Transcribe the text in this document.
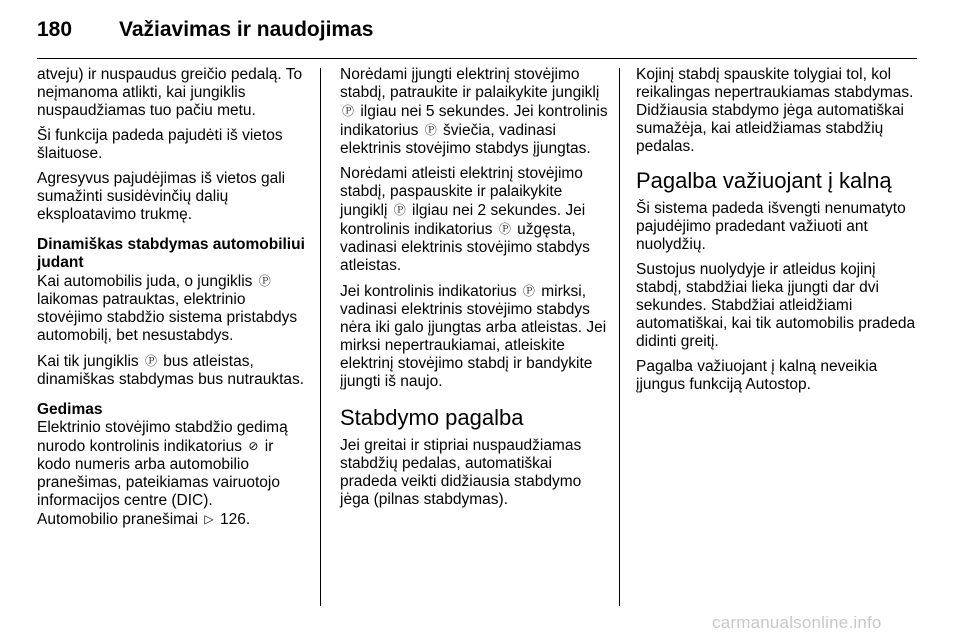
180 Važiavimas ir naudojimas

atveju) ir nuspaudus greičio pedalą. To neįmanoma atlikti, kai jungiklis nuspaudžiamas tuo pačiu metu.

Ši funkcija padeda pajudėti iš vietos šlaituose.

Agresyvus pajudėjimas iš vietos gali sumažinti susidėvinčių dalių eksploatavimo trukmę.

Dinamiškas stabdymas automobiliui judant

Kai automobilis juda, o jungiklis Ⓟ laikomas patrauktas, elektrinio stovėjimo stabdžio sistema pristabdys automobilį, bet nesustabdys.

Kai tik jungiklis Ⓟ bus atleistas, dinamiškas stabdymas bus nutrauktas.

Gedimas

Elektrinio stovėjimo stabdžio gedimą nurodo kontrolinis indikatorius ⊘ ir kodo numeris arba automobilio pranešimas, pateikiamas vairuotojo informacijos centre (DIC).

Automobilio pranešimai ▷ 126.

Norėdami įjungti elektrinį stovėjimo stabdį, patraukite ir palaikykite jungiklį Ⓟ ilgiau nei 5 sekundes. Jei kontrolinis indikatorius Ⓟ šviečia, vadinasi elektrinis stovėjimo stabdys įjungtas.

Norėdami atleisti elektrinį stovėjimo stabdį, paspauskite ir palaikykite jungiklį Ⓟ ilgiau nei 2 sekundes. Jei kontrolinis indikatorius Ⓟ užgęsta, vadinasi elektrinis stovėjimo stabdys atleistas.

Jei kontrolinis indikatorius Ⓟ mirksi, vadinasi elektrinis stovėjimo stabdys nėra iki galo įjungtas arba atleistas. Jei mirksi nepertraukiamai, atleiskite elektrinį stovėjimo stabdį ir bandykite įjungti iš naujo.

Stabdymo pagalba

Jei greitai ir stipriai nuspaudžiamas stabdžių pedalas, automatiškai pradeda veikti didžiausia stabdymo jėga (pilnas stabdymas).

Kojinį stabdį spauskite tolygiai tol, kol reikalingas nepertraukiamas stabdymas. Didžiausia stabdymo jėga automatiškai sumažėja, kai atleidžiamas stabdžių pedalas.

Pagalba važiuojant į kalną

Ši sistema padeda išvengti nenumatyto pajudėjimo pradedant važiuoti ant nuolydžių.

Sustojus nuolydyje ir atleidus kojinį stabdį, stabdžiai lieka įjungti dar dvi sekundes. Stabdžiai atleidžiami automatiškai, kai tik automobilis pradeda didinti greitį.

Pagalba važiuojant į kalną neveikia įjungus funkciją Autostop.

carmanualsonline.info
